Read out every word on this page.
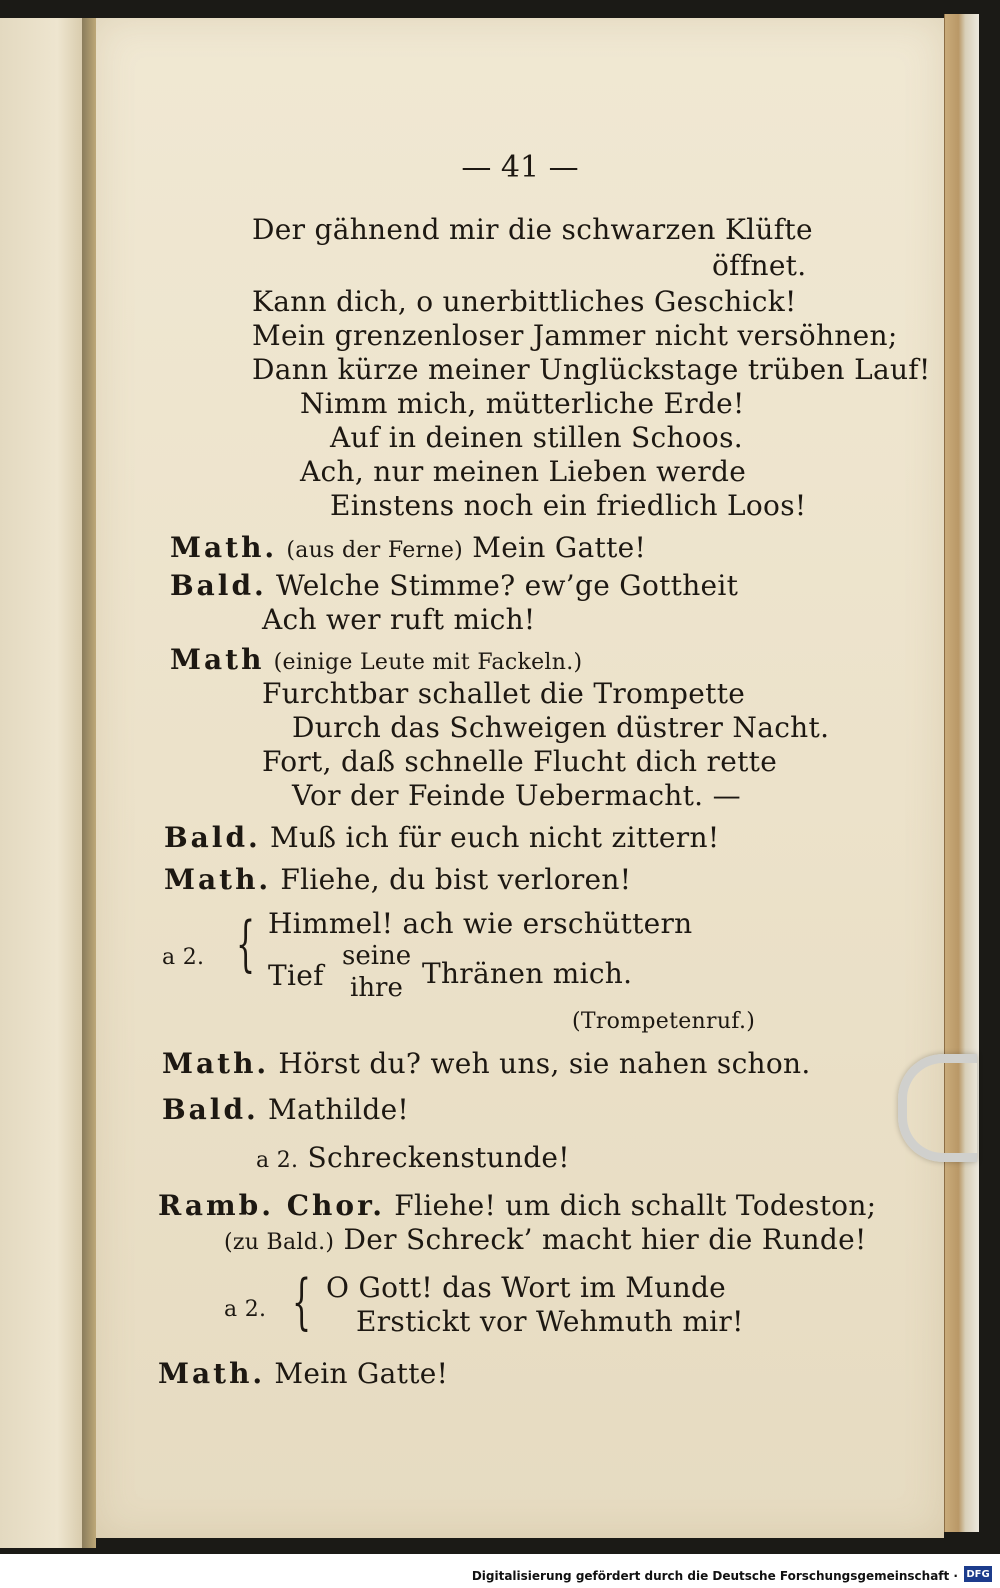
— 41 —
Der gähnend mir die schwarzen Klüfte
öffnet.
Kann dich, o unerbittliches Geschick!
Mein grenzenloser Jammer nicht versöhnen;
Dann kürze meiner Unglückstage trüben Lauf!
Nimm mich, mütterliche Erde!
Auf in deinen stillen Schoos.
Ach, nur meinen Lieben werde
Einstens noch ein friedlich Loos!
Math. (aus der Ferne) Mein Gatte!
Bald. Welche Stimme? ew’ge Gottheit
Ach wer ruft mich!
Math (einige Leute mit Fackeln.)
Furchtbar schallet die Trompette
Durch das Schweigen düstrer Nacht.
Fort, daß schnelle Flucht dich rette
Vor der Feinde Uebermacht. —
Bald. Muß ich für euch nicht zittern!
Math. Fliehe, du bist verloren!
a 2. { Himmel! ach wie erschüttern
Tief
seine
ihre Thränen mich.
(Trompetenruf.)
Math. Hörst du? weh uns, sie nahen schon.
Bald. Mathilde!
a 2. Schreckenstunde!
Ramb. Chor. Fliehe! um dich schallt Todeston;
(zu Bald.) Der Schreck’ macht hier die Runde!
a 2. { O Gott! das Wort im Munde
Erstickt vor Wehmuth mir!
Math. Mein Gatte!
Digitalisierung gefördert durch die Deutsche Forschungsgemeinschaft · DFG
